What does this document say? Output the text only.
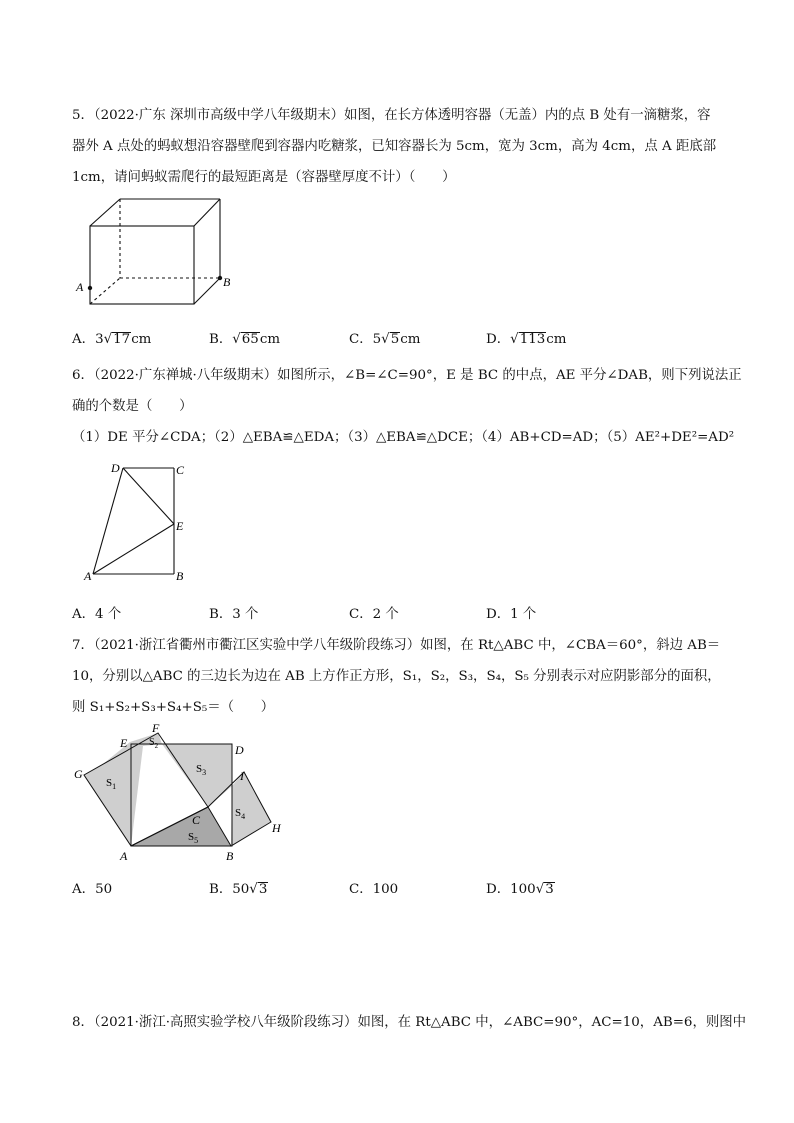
5．（2022·广东 深圳市高级中学八年级期末）如图，在长方体透明容器（无盖）内的点 B 处有一滴糖浆，容
器外 A 点处的蚂蚁想沿容器壁爬到容器内吃糖浆，已知容器长为 5cm，宽为 3cm，高为 4cm，点 A 距底部
1cm，请问蚂蚁需爬行的最短距离是（容器壁厚度不计）（　　）
A	B
A．3√17cm	B．√65cm	C．5√5cm	D．√113cm
6．（2022·广东禅城·八年级期末）如图所示，∠B=∠C=90°，E 是 BC 的中点，AE 平分∠DAB，则下列说法正
确的个数是（　　）
（1）DE 平分∠CDA；（2）△EBA≌△EDA；（3）△EBA≌△DCE；（4）AB+CD=AD；（5）AE²+DE²=AD²
D	C
E
A	B
A．4 个	B．3 个	C．2 个	D．1 个
7．（2021·浙江省衢州市衢江区实验中学八年级阶段练习）如图，在 Rt△ABC 中，∠CBA＝60°，斜边 AB＝
10，分别以△ABC 的三边长为边在 AB 上方作正方形，S₁，S₂，S₃，S₄，S₅ 分别表示对应阴影部分的面积，
则 S₁+S₂+S₃+S₄+S₅＝（　　）
F
E	D
G	I
H
C
A	B
$S_1$
$S_2$
$S_3$
$S_4$
$S_5$
A．50	B．50√3	C．100	D．100√3
8．（2021·浙江·高照实验学校八年级阶段练习）如图，在 Rt△ABC 中，∠ABC=90°，AC=10，AB=6，则图中
